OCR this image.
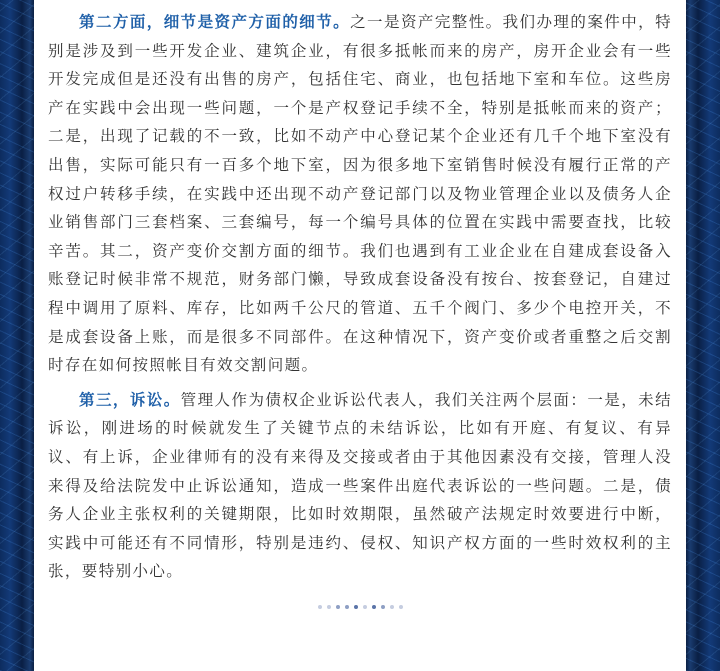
第二方面，细节是资产方面的细节。之一是资产完整性。我们办理的案件中，特别是涉及到一些开发企业、建筑企业，有很多抵帐而来的房产，房开企业会有一些开发完成但是还没有出售的房产，包括住宅、商业，也包括地下室和车位。这些房产在实践中会出现一些问题，一个是产权登记手续不全，特别是抵帐而来的资产；二是，出现了记载的不一致，比如不动产中心登记某个企业还有几千个地下室没有出售，实际可能只有一百多个地下室，因为很多地下室销售时候没有履行正常的产权过户转移手续，在实践中还出现不动产登记部门以及物业管理企业以及债务人企业销售部门三套档案、三套编号，每一个编号具体的位置在实践中需要查找，比较辛苦。其二，资产变价交割方面的细节。我们也遇到有工业企业在自建成套设备入账登记时候非常不规范，财务部门懒，导致成套设备没有按台、按套登记，自建过程中调用了原料、库存，比如两千公尺的管道、五千个阀门、多少个电控开关，不是成套设备上账，而是很多不同部件。在这种情况下，资产变价或者重整之后交割时存在如何按照帐目有效交割问题。

第三，诉讼。管理人作为债权企业诉讼代表人，我们关注两个层面：一是，未结诉讼，刚进场的时候就发生了关键节点的未结诉讼，比如有开庭、有复议、有异议、有上诉，企业律师有的没有来得及交接或者由于其他因素没有交接，管理人没来得及给法院发中止诉讼通知，造成一些案件出庭代表诉讼的一些问题。二是，债务人企业主张权利的关键期限，比如时效期限，虽然破产法规定时效要进行中断，实践中可能还有不同情形，特别是违约、侵权、知识产权方面的一些时效权利的主张，要特别小心。
